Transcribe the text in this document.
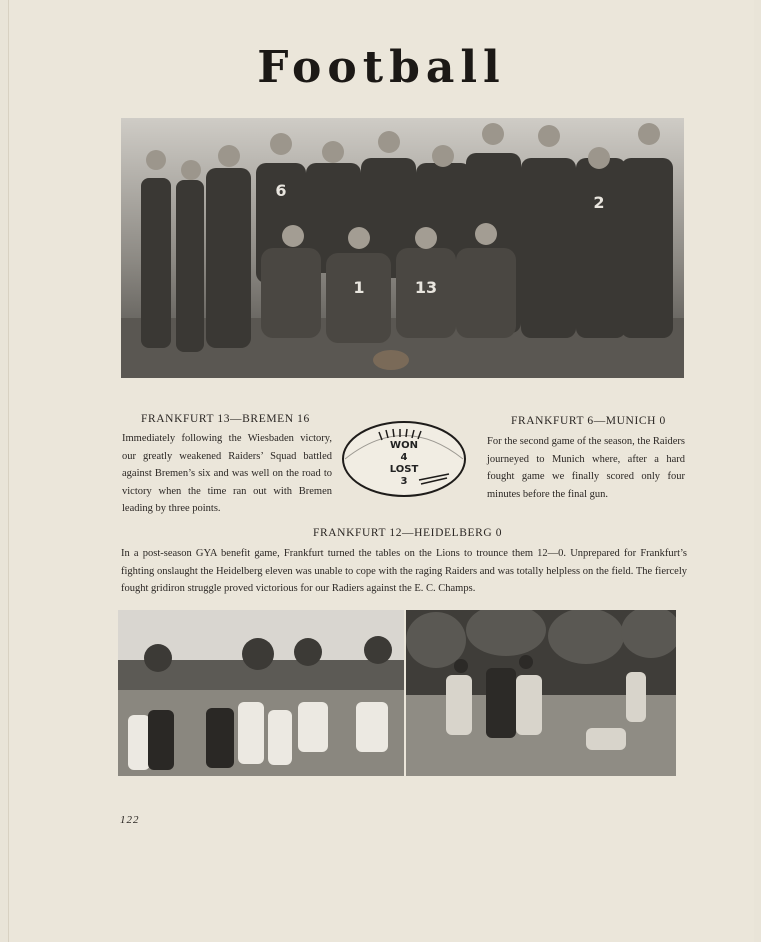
Football
6
2
1	13
FRANKFURT 13—BREMEN 16
Immediately following the Wiesbaden victory, our greatly weakened Raiders’ Squad battled against Bremen’s six and was well on the road to victory when the time ran out with Bremen leading by three points.
WON
4
LOST
3
FRANKFURT 6—MUNICH 0
For the second game of the season, the Raiders journeyed to Munich where, after a hard fought game we finally scored only four minutes before the final gun.
FRANKFURT 12—HEIDELBERG 0
In a post-season GYA benefit game, Frankfurt turned the tables on the Lions to trounce them 12—0. Unprepared for Frankfurt’s fighting onslaught the Heidelberg eleven was unable to cope with the raging Raiders and was totally helpless on the field. The fiercely fought gridiron struggle proved victorious for our Radiers against the E. C. Champs.
122
